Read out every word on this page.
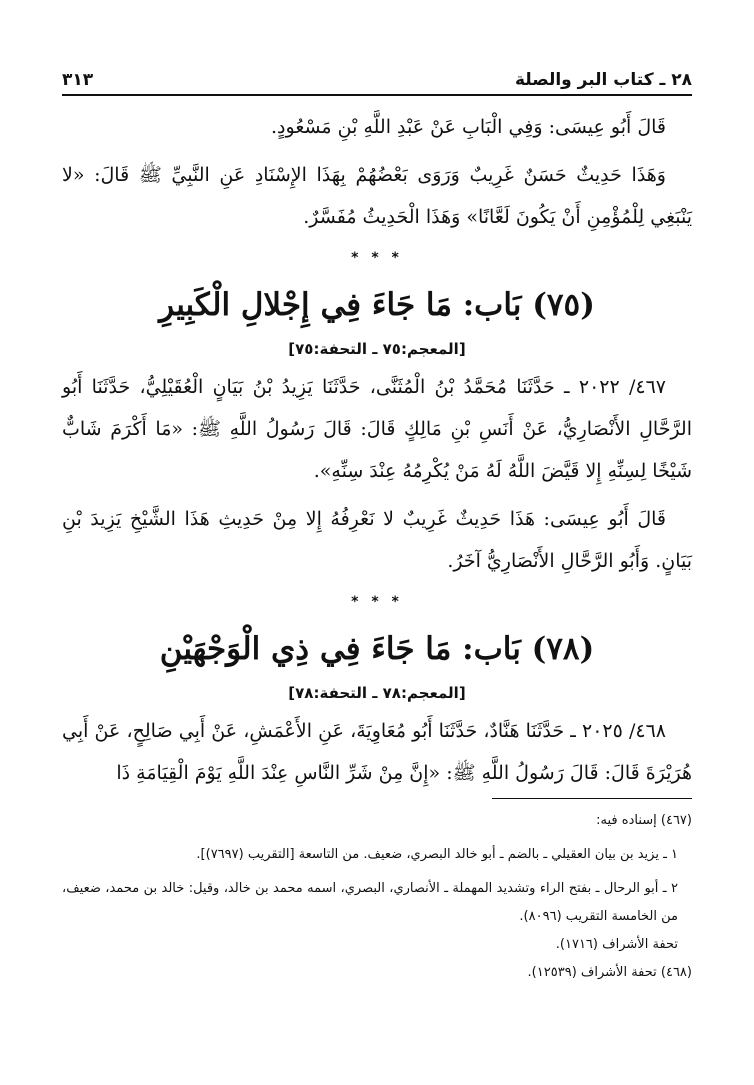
٢٨ ـ كتاب البر والصلة
٣١٣

قَالَ أَبُو عِيسَى: وَفِي الْبَابِ عَنْ عَبْدِ اللَّهِ بْنِ مَسْعُودٍ.

وَهَذَا حَدِيثٌ حَسَنٌ غَرِيبٌ وَرَوَى بَعْضُهُمْ بِهَذَا الإِسْنَادِ عَنِ النَّبِيِّ ﷺ قَالَ: «لا يَنْبَغِي لِلْمُؤْمِنِ أَنْ يَكُونَ لَعَّانًا» وَهَذَا الْحَدِيثُ مُفَسَّرٌ.

* * *
(٧٥) بَاب: مَا جَاءَ فِي إِجْلالِ الْكَبِيرِ
[المعجم:٧٥ ـ التحفة:٧٥]

٤٦٧/ ٢٠٢٢ ـ حَدَّثَنَا مُحَمَّدُ بْنُ الْمُثَنَّى، حَدَّثَنَا يَزِيدُ بْنُ بَيَانٍ الْعُقَيْلِيُّ، حَدَّثَنَا أَبُو الرَّحَّالِ الأَنْصَارِيُّ، عَنْ أَنَسِ بْنِ مَالِكٍ قَالَ: قَالَ رَسُولُ اللَّهِ ﷺ: «مَا أَكْرَمَ شَابٌّ شَيْخًا لِسِنِّهِ إِلا قَيَّضَ اللَّهُ لَهُ مَنْ يُكْرِمُهُ عِنْدَ سِنِّهِ».

قَالَ أَبُو عِيسَى: هَذَا حَدِيثٌ غَرِيبٌ لا نَعْرِفُهُ إِلا مِنْ حَدِيثِ هَذَا الشَّيْخِ يَزِيدَ بْنِ بَيَانٍ. وَأَبُو الرَّحَّالِ الأَنْصَارِيُّ آخَرُ.

* * *
(٧٨) بَاب: مَا جَاءَ فِي ذِي الْوَجْهَيْنِ
[المعجم:٧٨ ـ التحفة:٧٨]

٤٦٨/ ٢٠٢٥ ـ حَدَّثَنَا هَنَّادٌ، حَدَّثَنَا أَبُو مُعَاوِيَةَ، عَنِ الأَعْمَشِ، عَنْ أَبِي صَالِحٍ، عَنْ أَبِي هُرَيْرَةَ قَالَ: قَالَ رَسُولُ اللَّهِ ﷺ: «إِنَّ مِنْ شَرِّ النَّاسِ عِنْدَ اللَّهِ يَوْمَ الْقِيَامَةِ ذَا

(٤٦٧) إسناده فيه:

١ ـ يزيد بن بيان العقيلي ـ بالضم ـ أبو خالد البصري، ضعيف. من التاسعة [التقريب (٧٦٩٧)].

٢ ـ أبو الرحال ـ بفتح الراء وتشديد المهملة ـ الأنصاري، البصري، اسمه محمد بن خالد، وقيل: خالد بن محمد، ضعيف، من الخامسة التقريب (٨٠٩٦).

تحفة الأشراف (١٧١٦).

(٤٦٨) تحفة الأشراف (١٢٥٣٩).
